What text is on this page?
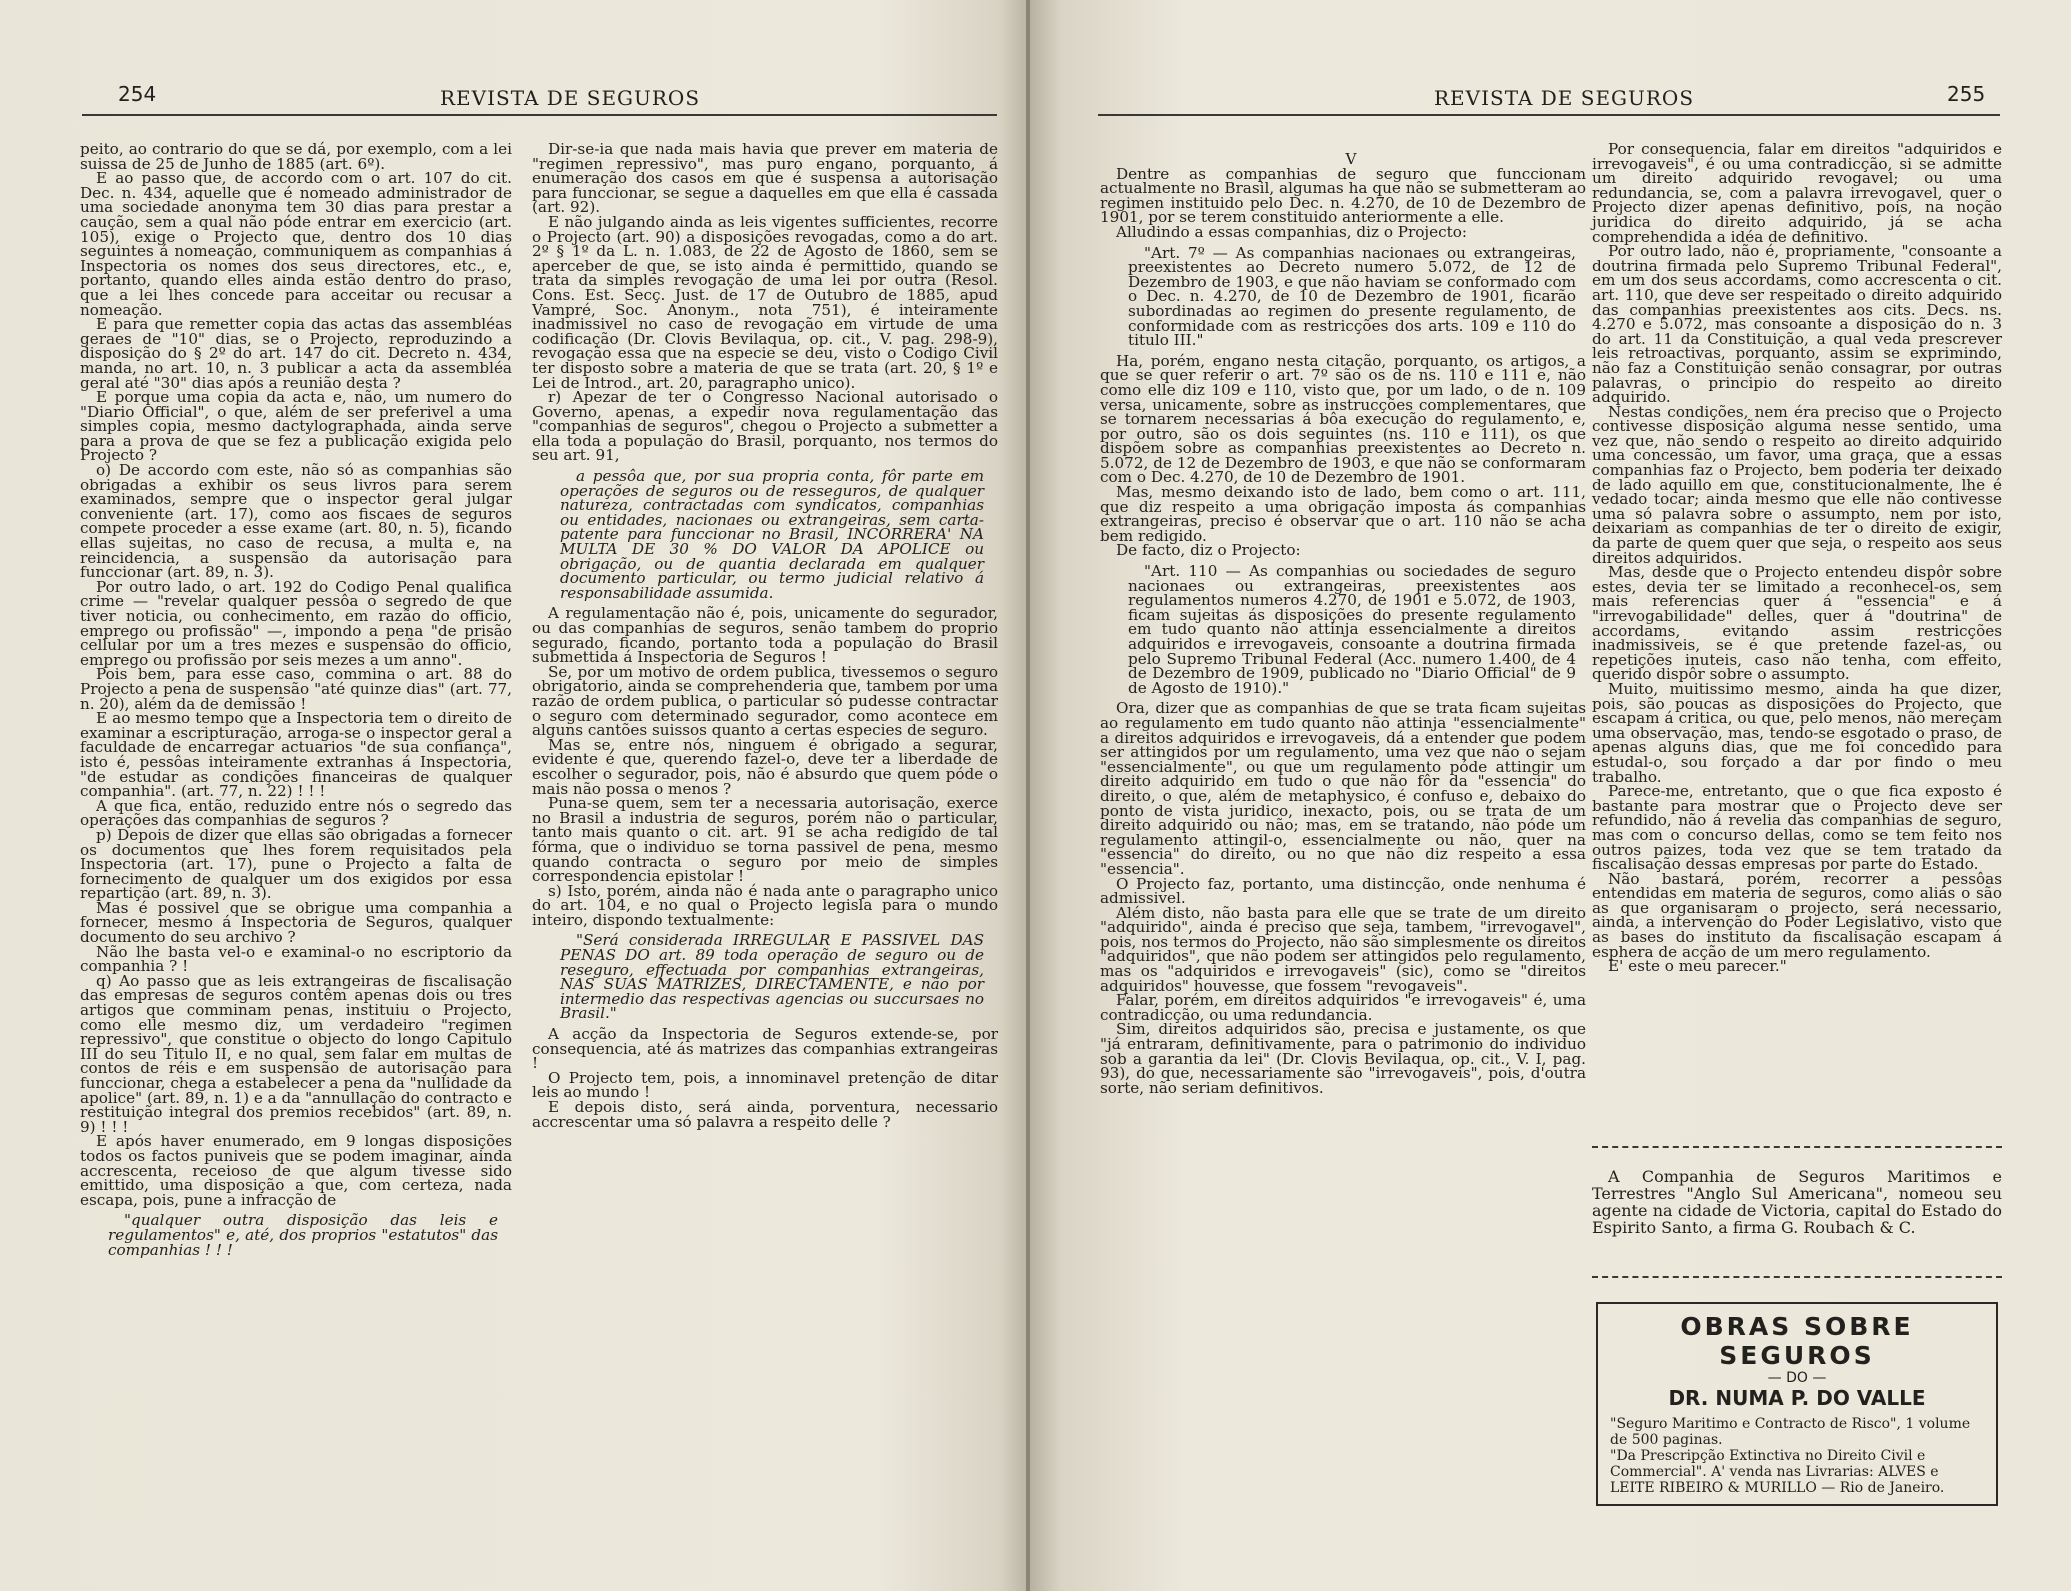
254	REVISTA DE SEGUROS

peito, ao contrario do que se dá, por exemplo, com a lei suissa de 25 de Junho de 1885 (art. 6º).

E ao passo que, de accordo com o art. 107 do cit. Dec. n. 434, aquelle que é nomeado administrador de uma sociedade anonyma tem 30 dias para prestar a caução, sem a qual não póde entrar em exercicio (art. 105), exige o Projecto que, dentro dos 10 dias seguintes á nomeação, communiquem as companhias á Inspectoria os nomes dos seus directores, etc., e, portanto, quando elles ainda estão dentro do praso, que a lei lhes concede para acceitar ou recusar a nomeação.

E para que remetter copia das actas das assembléas geraes de "10" dias, se o Projecto, reproduzindo a disposição do § 2º do art. 147 do cit. Decreto n. 434, manda, no art. 10, n. 3 publicar a acta da assembléa geral até "30" dias após a reunião desta ?

E porque uma copia da acta e, não, um numero do "Diario Official", o que, além de ser preferivel a uma simples copia, mesmo dactylographada, ainda serve para a prova de que se fez a publicação exigida pelo Projecto ?

o) De accordo com este, não só as companhias são obrigadas a exhibir os seus livros para serem examinados, sempre que o inspector geral julgar conveniente (art. 17), como aos fiscaes de seguros compete proceder a esse exame (art. 80, n. 5), ficando ellas sujeitas, no caso de recusa, a multa e, na reincidencia, a suspensão da autorisação para funccionar (art. 89, n. 3).

Por outro lado, o art. 192 do Codigo Penal qualifica crime — "revelar qualquer pessôa o segredo de que tiver noticia, ou conhecimento, em razão do officio, emprego ou profissão" —, impondo a pena "de prisão cellular por um a tres mezes e suspensão do officio, emprego ou profissão por seis mezes a um anno".

Pois bem, para esse caso, commina o art. 88 do Projecto a pena de suspensão "até quinze dias" (art. 77, n. 20), além da de demissão !

E ao mesmo tempo que a Inspectoria tem o direito de examinar a escripturação, arroga-se o inspector geral a faculdade de encarregar actuarios "de sua confiança", isto é, pessôas inteiramente extranhas á Inspectoria, "de estudar as condições financeiras de qualquer companhia". (art. 77, n. 22) ! ! !

A que fica, então, reduzido entre nós o segredo das operações das companhias de seguros ?

p) Depois de dizer que ellas são obrigadas a fornecer os documentos que lhes forem requisitados pela Inspectoria (art. 17), pune o Projecto a falta de fornecimento de qualquer um dos exigidos por essa repartição (art. 89, n. 3).

Mas é possivel que se obrigue uma companhia a fornecer, mesmo á Inspectoria de Seguros, qualquer documento do seu archivo ?

Não lhe basta vel-o e examinal-o no escriptorio da companhia ? !

q) Ao passo que as leis extrangeiras de fiscalisação das empresas de seguros contêm apenas dois ou tres artigos que comminam penas, instituiu o Projecto, como elle mesmo diz, um verdadeiro "regimen repressivo", que constitue o objecto do longo Capitulo III do seu Titulo II, e no qual, sem falar em multas de contos de réis e em suspensão de autorisação para funccionar, chega a estabelecer a pena da "nullidade da apolice" (art. 89, n. 1) e a da "annullação do contracto e restituição integral dos premios recebidos" (art. 89, n. 9) ! ! !

E após haver enumerado, em 9 longas disposições todos os factos puniveis que se podem imaginar, ainda accrescenta, receioso de que algum tivesse sido emittido, uma disposição a que, com certeza, nada escapa, pois, pune a infracção de

"qualquer outra disposição das leis e regulamentos" e, até, dos proprios "estatutos" das companhias ! ! !

Dir-se-ia que nada mais havia que prever em materia de "regimen repressivo", mas puro engano, porquanto, á enumeração dos casos em que é suspensa a autorisação para funccionar, se segue a daquelles em que ella é cassada (art. 92).

E não julgando ainda as leis vigentes sufficientes, recorre o Projecto (art. 90) a disposições revogadas, como a do art. 2º § 1º da L. n. 1.083, de 22 de Agosto de 1860, sem se aperceber de que, se isto ainda é permittido, quando se trata da simples revogação de uma lei por outra (Resol. Cons. Est. Secç. Just. de 17 de Outubro de 1885, apud Vampré, Soc. Anonym., nota 751), é inteiramente inadmissivel no caso de revogação em virtude de uma codificação (Dr. Clovis Bevilaqua, op. cit., V. pag. 298-9), revogação essa que na especie se deu, visto o Codigo Civil ter disposto sobre a materia de que se trata (art. 20, § 1º e Lei de Introd., art. 20, paragrapho unico).

r) Apezar de ter o Congresso Nacional autorisado o Governo, apenas, a expedir nova regulamentação das "companhias de seguros", chegou o Projecto a submetter a ella toda a população do Brasil, porquanto, nos termos do seu art. 91,

a pessôa que, por sua propria conta, fôr parte em operações de seguros ou de resseguros, de qualquer natureza, contractadas com syndicatos, companhias ou entidades, nacionaes ou extrangeiras, sem carta-patente para funccionar no Brasil, INCORRERA' NA MULTA DE 30 % DO VALOR DA APOLICE ou obrigação, ou de quantia declarada em qualquer documento particular, ou termo judicial relativo á responsabilidade assumida.

A regulamentação não é, pois, unicamente do segurador, ou das companhias de seguros, senão tambem do proprio segurado, ficando, portanto toda a população do Brasil submettida á Inspectoria de Seguros !

Se, por um motivo de ordem publica, tivessemos o seguro obrigatorio, ainda se comprehenderia que, tambem por uma razão de ordem publica, o particular só pudesse contractar o seguro com determinado segurador, como acontece em alguns cantões suissos quanto a certas especies de seguro.

Mas se, entre nós, ninguem é obrigado a segurar, evidente é que, querendo fazel-o, deve ter a liberdade de escolher o segurador, pois, não é absurdo que quem póde o mais não possa o menos ?

Puna-se quem, sem ter a necessaria autorisação, exerce no Brasil a industria de seguros, porém não o particular, tanto mais quanto o cit. art. 91 se acha redigido de tal fórma, que o individuo se torna passivel de pena, mesmo quando contracta o seguro por meio de simples correspondencia epistolar !

s) Isto, porém, ainda não é nada ante o paragrapho unico do art. 104, e no qual o Projecto legisla para o mundo inteiro, dispondo textualmente:

"Será considerada IRREGULAR E PASSIVEL DAS PENAS DO art. 89 toda operação de seguro ou de reseguro, effectuada por companhias extrangeiras, NAS SUAS MATRIZES, DIRECTAMENTE, e não por intermedio das respectivas agencias ou succursaes no Brasil."

A acção da Inspectoria de Seguros extende-se, por consequencia, até ás matrizes das companhias extrangeiras !

O Projecto tem, pois, a innominavel pretenção de ditar leis ao mundo !

E depois disto, será ainda, porventura, necessario accrescentar uma só palavra a respeito delle ?

REVISTA DE SEGUROS	255

V

Dentre as companhias de seguro que funccionam actualmente no Brasil, algumas ha que não se submetteram ao regimen instituido pelo Dec. n. 4.270, de 10 de Dezembro de 1901, por se terem constituido anteriormente a elle.

Alludindo a essas companhias, diz o Projecto:

"Art. 7º — As companhias nacionaes ou extrangeiras, preexistentes ao Decreto numero 5.072, de 12 de Dezembro de 1903, e que não haviam se conformado com o Dec. n. 4.270, de 10 de Dezembro de 1901, ficarão subordinadas ao regimen do presente regulamento, de conformidade com as restricções dos arts. 109 e 110 do titulo III."

Ha, porém, engano nesta citação, porquanto, os artigos, a que se quer referir o art. 7º são os de ns. 110 e 111 e, não como elle diz 109 e 110, visto que, por um lado, o de n. 109 versa, unicamente, sobre as instrucções complementares, que se tornarem necessarias á bôa execução do regulamento, e, por outro, são os dois seguintes (ns. 110 e 111), os que dispõem sobre as companhias preexistentes ao Decreto n. 5.072, de 12 de Dezembro de 1903, e que não se conformaram com o Dec. 4.270, de 10 de Dezembro de 1901.

Mas, mesmo deixando isto de lado, bem como o art. 111, que diz respeito a uma obrigação imposta ás companhias extrangeiras, preciso é observar que o art. 110 não se acha bem redigido.

De facto, diz o Projecto:

"Art. 110 — As companhias ou sociedades de seguro nacionaes ou extrangeiras, preexistentes aos regulamentos numeros 4.270, de 1901 e 5.072, de 1903, ficam sujeitas ás disposições do presente regulamento em tudo quanto não attinja essencialmente a direitos adquiridos e irrevogaveis, consoante a doutrina firmada pelo Supremo Tribunal Federal (Acc. numero 1.400, de 4 de Dezembro de 1909, publicado no "Diario Official" de 9 de Agosto de 1910)."

Ora, dizer que as companhias de que se trata ficam sujeitas ao regulamento em tudo quanto não attinja "essencialmente" a direitos adquiridos e irrevogaveis, dá a entender que podem ser attingidos por um regulamento, uma vez que não o sejam "essencialmente", ou que um regulamento póde attingir um direito adquirido em tudo o que não fôr da "essencia" do direito, o que, além de metaphysico, é confuso e, debaixo do ponto de vista juridico, inexacto, pois, ou se trata de um direito adquirido ou não; mas, em se tratando, não póde um regulamento attingil-o, essencialmente ou não, quer na "essencia" do direito, ou no que não diz respeito a essa "essencia".

O Projecto faz, portanto, uma distincção, onde nenhuma é admissivel.

Além disto, não basta para elle que se trate de um direito "adquirido", ainda é preciso que seja, tambem, "irrevogavel", pois, nos termos do Projecto, não são simplesmente os direitos "adquiridos", que não podem ser attingidos pelo regulamento, mas os "adquiridos e irrevogaveis" (sic), como se "direitos adquiridos" houvesse, que fossem "revogaveis".

Falar, porém, em direitos adquiridos "e irrevogaveis" é, uma contradicção, ou uma redundancia.

Sim, direitos adquiridos são, precisa e justamente, os que "já entraram, definitivamente, para o patrimonio do individuo sob a garantia da lei" (Dr. Clovis Bevilaqua, op. cit., V. I, pag. 93), do que, necessariamente são "irrevogaveis", pois, d'outra sorte, não seriam definitivos.

Por consequencia, falar em direitos "adquiridos e irrevogaveis", é ou uma contradicção, si se admitte um direito adquirido revogavel; ou uma redundancia, se, com a palavra irrevogavel, quer o Projecto dizer apenas definitivo, pois, na noção juridica do direito adquirido, já se acha comprehendida a idéa de definitivo.

Por outro lado, não é, propriamente, "consoante a doutrina firmada pelo Supremo Tribunal Federal", em um dos seus accordams, como accrescenta o cit. art. 110, que deve ser respeitado o direito adquirido das companhias preexistentes aos cits. Decs. ns. 4.270 e 5.072, mas consoante a disposição do n. 3 do art. 11 da Constituição, a qual veda prescrever leis retroactivas, porquanto, assim se exprimindo, não faz a Constituição senão consagrar, por outras palavras, o principio do respeito ao direito adquirido.

Nestas condições, nem éra preciso que o Projecto contivesse disposição alguma nesse sentido, uma vez que, não sendo o respeito ao direito adquirido uma concessão, um favor, uma graça, que a essas companhias faz o Projecto, bem poderia ter deixado de lado aquillo em que, constitucionalmente, lhe é vedado tocar; ainda mesmo que elle não contivesse uma só palavra sobre o assumpto, nem por isto, deixariam as companhias de ter o direito de exigir, da parte de quem quer que seja, o respeito aos seus direitos adquiridos.

Mas, desde que o Projecto entendeu dispôr sobre estes, devia ter se limitado a reconhecel-os, sem mais referencias quer á "essencia" e á "irrevogabilidade" delles, quer á "doutrina" de accordams, evitando assim restricções inadmissiveis, se é que pretende fazel-as, ou repetições inuteis, caso não tenha, com effeito, querido dispôr sobre o assumpto.

Muito, muitissimo mesmo, ainda ha que dizer, pois, são poucas as disposições do Projecto, que escapam á critica, ou que, pelo menos, não mereçam uma observação, mas, tendo-se esgotado o praso, de apenas alguns dias, que me foi concedido para estudal-o, sou forçado a dar por findo o meu trabalho.

Parece-me, entretanto, que o que fica exposto é bastante para mostrar que o Projecto deve ser refundido, não á revelia das companhias de seguro, mas com o concurso dellas, como se tem feito nos outros paizes, toda vez que se tem tratado da fiscalisação dessas empresas por parte do Estado.

Não bastará, porém, recorrer a pessôas entendidas em materia de seguros, como aliás o são as que organisaram o projecto, será necessario, ainda, a intervenção do Poder Legislativo, visto que as bases do instituto da fiscalisação escapam á esphera de acção de um mero regulamento.

E' este o meu parecer."

A Companhia de Seguros Maritimos e Terrestres "Anglo Sul Americana", nomeou seu agente na cidade de Victoria, capital do Estado do Espirito Santo, a firma G. Roubach & C.

OBRAS SOBRE SEGUROS
— DO —
DR. NUMA P. DO VALLE
"Seguro Maritimo e Contracto de Risco", 1 volume de 500 paginas.
"Da Prescripção Extinctiva no Direito Civil e Commercial". A' venda nas Livrarias: ALVES e LEITE RIBEIRO & MURILLO — Rio de Janeiro.
